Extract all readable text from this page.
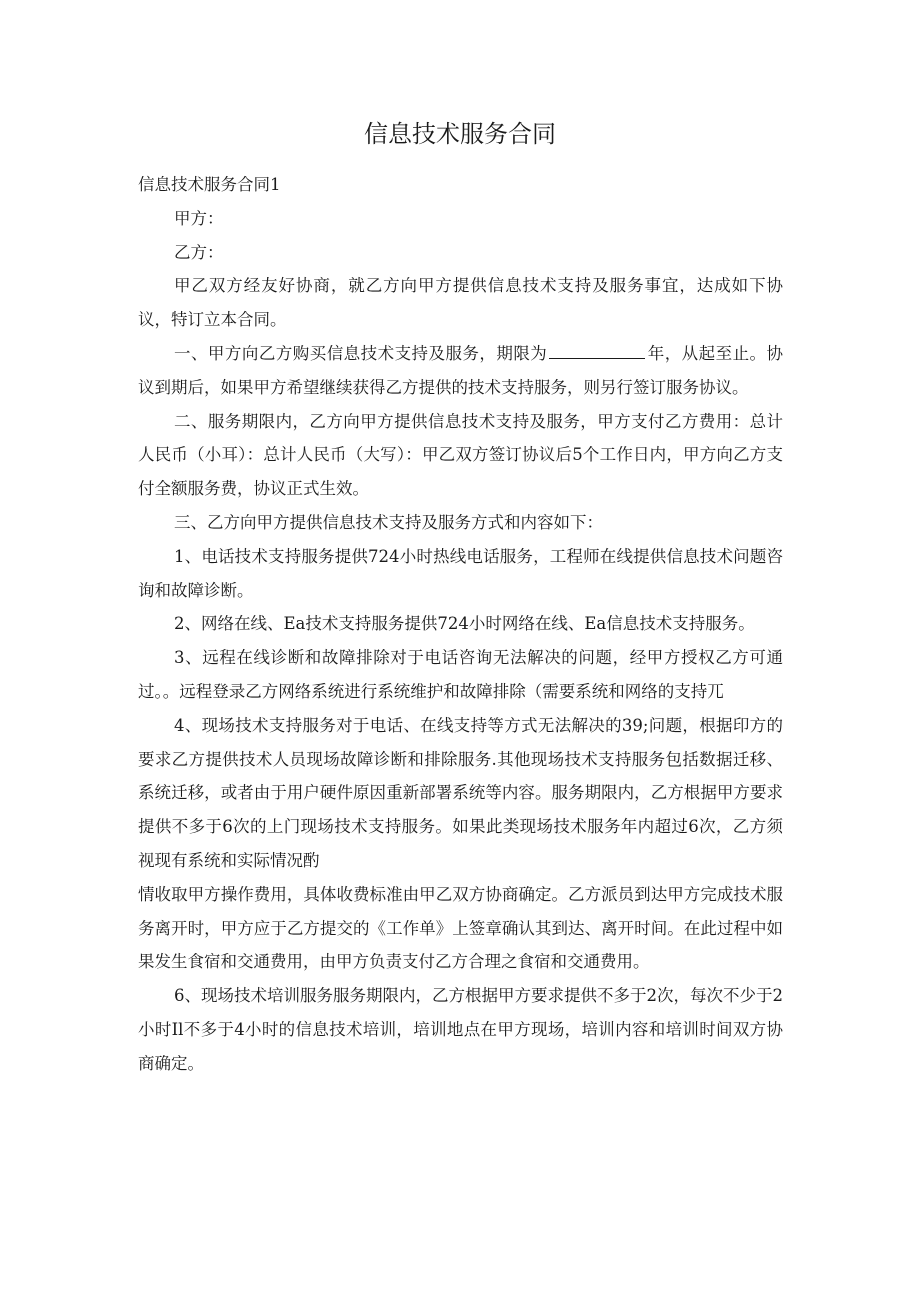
信息技术服务合同

信息技术服务合同1

甲方：

乙方：

甲乙双方经友好协商，就乙方向甲方提供信息技术支持及服务事宜，达成如下协议，特订立本合同。

一、甲方向乙方购买信息技术支持及服务，期限为	年，从起至止。协议到期后，如果甲方希望继续获得乙方提供的技术支持服务，则另行签订服务协议。

二、服务期限内，乙方向甲方提供信息技术支持及服务，甲方支付乙方费用：总计人民币（小耳）：总计人民币（大写）：甲乙双方签订协议后5个工作日内，甲方向乙方支付全额服务费，协议正式生效。

三、乙方向甲方提供信息技术支持及服务方式和内容如下：

1、电话技术支持服务提供724小时热线电话服务，工程师在线提供信息技术问题咨询和故障诊断。

2、网络在线、Ea技术支持服务提供724小时网络在线、Ea信息技术支持服务。

3、远程在线诊断和故障排除对于电话咨询无法解决的问题，经甲方授权乙方可通过。。远程登录乙方网络系统进行系统维护和故障排除（需要系统和网络的支持兀

4、现场技术支持服务对于电话、在线支持等方式无法解决的39;问题，根据印方的要求乙方提供技术人员现场故障诊断和排除服务.其他现场技术支持服务包括数据迁移、系统迁移，或者由于用户硬件原因重新部署系统等内容。服务期限内，乙方根据甲方要求提供不多于6次的上门现场技术支持服务。如果此类现场技术服务年内超过6次，乙方须视现有系统和实际情况酌

情收取甲方操作费用，具体收费标准由甲乙双方协商确定。乙方派员到达甲方完成技术服务离开时，甲方应于乙方提交的《工作单》上签章确认其到达、离开时间。在此过程中如果发生食宿和交通费用，由甲方负责支付乙方合理之食宿和交通费用。

6、现场技术培训服务服务期限内，乙方根据甲方要求提供不多于2次，每次不少于2小时Il不多于4小时的信息技术培训，培训地点在甲方现场，培训内容和培训时间双方协商确定。
